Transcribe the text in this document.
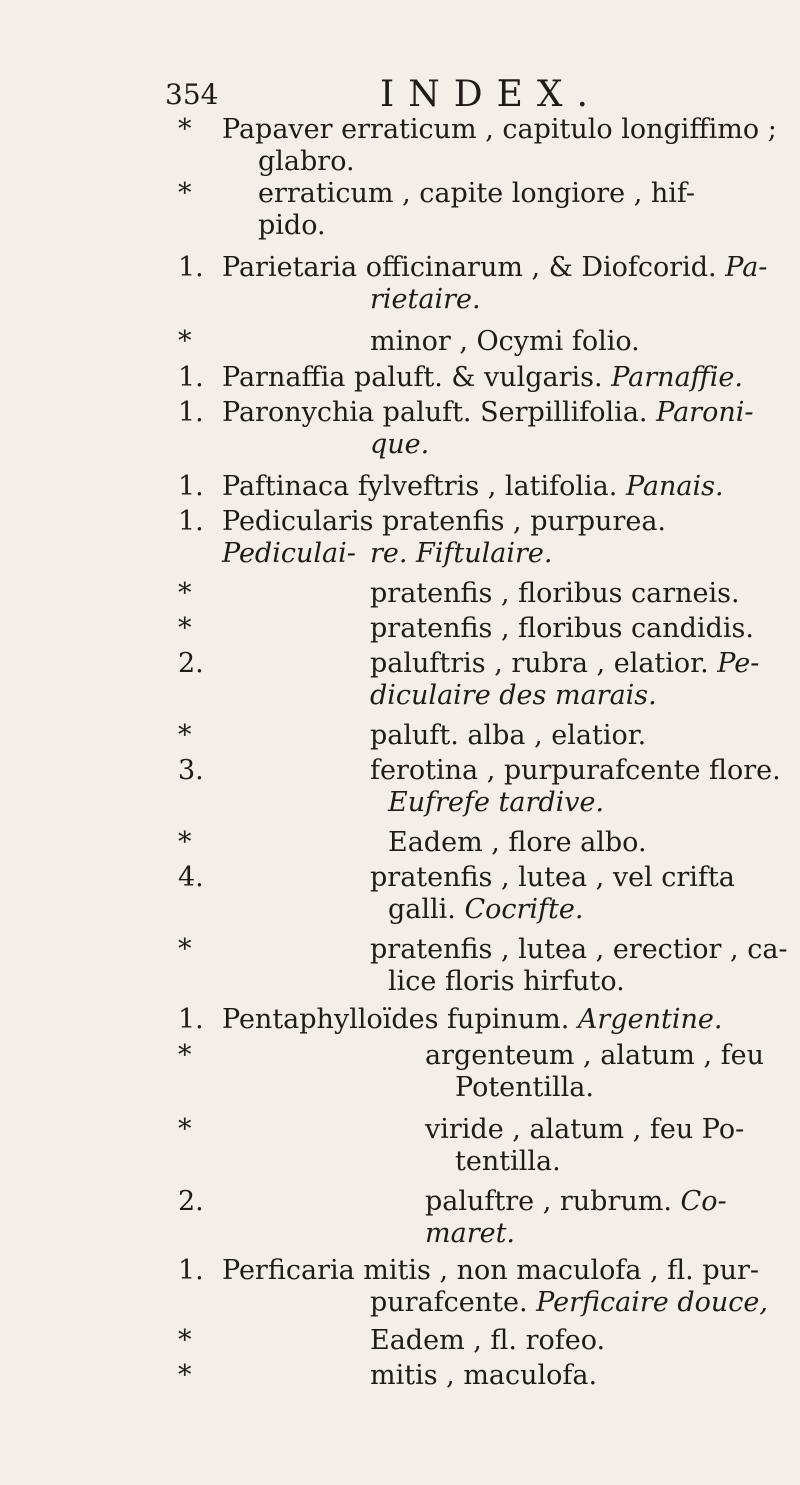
354	INDEX.
*	Papaver erraticum , capitulo longiffimo ;
glabro.
*	erraticum , capite longiore , hif-
pido.
1. Parietaria officinarum , & Diofcorid. Pa-
rietaire.
*	minor , Ocymi folio.
1. Parnaffia paluft. & vulgaris. Parnaffie.
1. Paronychia paluft. Serpillifolia. Paroni-
que.
1. Paftinaca fylveftris , latifolia. Panais.
1. Pedicularis pratenfis , purpurea. Pediculai- re. Fiftulaire.
*	pratenfis , floribus carneis.
*	pratenfis , floribus candidis.
2.	paluftris , rubra , elatior. Pe-
diculaire des marais.
*	paluft. alba , elatior.
3.	ferotina , purpurafcente flore.
Eufrefe tardive.
*	Eadem , flore albo.
4.	pratenfis , lutea , vel crifta
galli. Cocrifte.
*	pratenfis , lutea , erectior , ca-
lice floris hirfuto.
1. Pentaphylloïdes fupinum. Argentine.
*	argenteum , alatum , feu
Potentilla.
*	viride , alatum , feu Po-
tentilla.
2.	paluftre , rubrum. Co-
maret.
1. Perficaria mitis , non maculofa , fl. pur-
purafcente. Perficaire douce,
*	Eadem , fl. rofeo.
*	mitis , maculofa.
